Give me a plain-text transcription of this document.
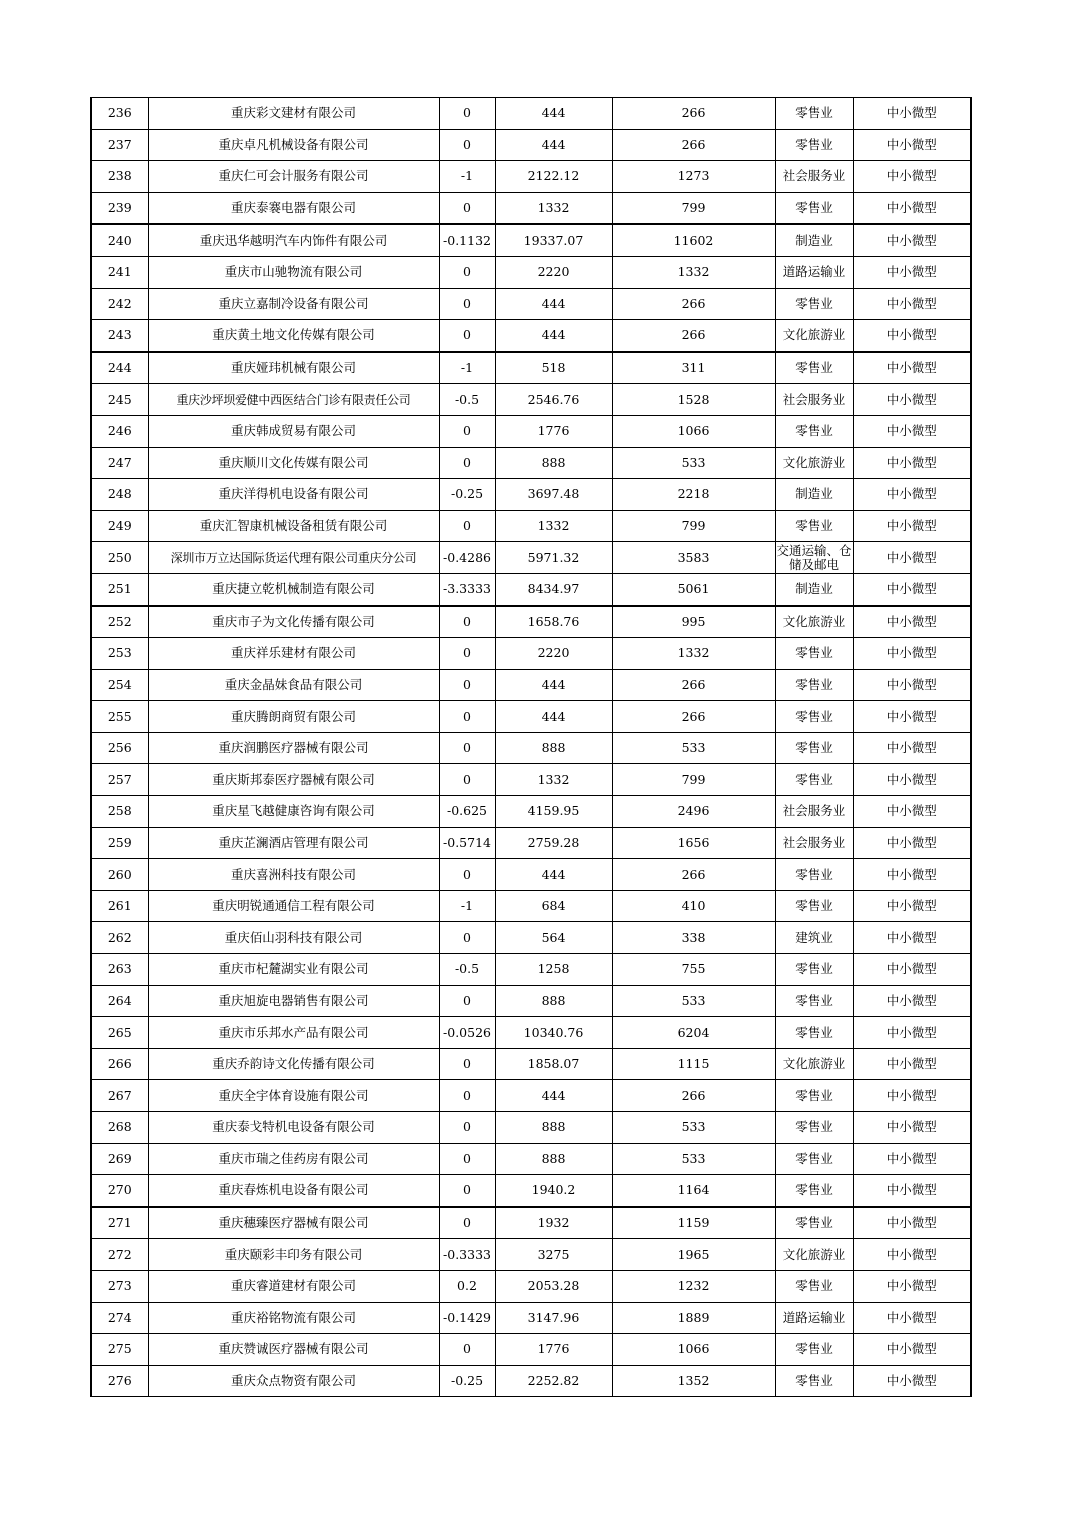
236	重庆彩文建材有限公司	0	444	266	零售业	中小微型
237	重庆卓凡机械设备有限公司	0	444	266	零售业	中小微型
238	重庆仁可会计服务有限公司	-1	2122.12	1273	社会服务业	中小微型
239	重庆泰褰电器有限公司	0	1332	799	零售业	中小微型
240	重庆迅华越明汽车内饰件有限公司	-0.1132	19337.07	11602	制造业	中小微型
241	重庆市山驰物流有限公司	0	2220	1332	道路运输业	中小微型
242	重庆立嘉制冷设备有限公司	0	444	266	零售业	中小微型
243	重庆黄土地文化传媒有限公司	0	444	266	文化旅游业	中小微型
244	重庆娅玮机械有限公司	-1	518	311	零售业	中小微型
245	重庆沙坪坝爱健中西医结合门诊有限责任公司	-0.5	2546.76	1528	社会服务业	中小微型
246	重庆韩成贸易有限公司	0	1776	1066	零售业	中小微型
247	重庆顺川文化传媒有限公司	0	888	533	文化旅游业	中小微型
248	重庆洋得机电设备有限公司	-0.25	3697.48	2218	制造业	中小微型
249	重庆汇智康机械设备租赁有限公司	0	1332	799	零售业	中小微型
250	深圳市万立达国际货运代理有限公司重庆分公司	-0.4286	5971.32	3583	交通运输、仓储及邮电	中小微型
251	重庆捷立乾机械制造有限公司	-3.3333	8434.97	5061	制造业	中小微型
252	重庆市子为文化传播有限公司	0	1658.76	995	文化旅游业	中小微型
253	重庆祥乐建材有限公司	0	2220	1332	零售业	中小微型
254	重庆金晶妹食品有限公司	0	444	266	零售业	中小微型
255	重庆腾朗商贸有限公司	0	444	266	零售业	中小微型
256	重庆润鹏医疗器械有限公司	0	888	533	零售业	中小微型
257	重庆斯邦泰医疗器械有限公司	0	1332	799	零售业	中小微型
258	重庆星飞越健康咨询有限公司	-0.625	4159.95	2496	社会服务业	中小微型
259	重庆芷澜酒店管理有限公司	-0.5714	2759.28	1656	社会服务业	中小微型
260	重庆喜洲科技有限公司	0	444	266	零售业	中小微型
261	重庆明锐通通信工程有限公司	-1	684	410	零售业	中小微型
262	重庆佰山羽科技有限公司	0	564	338	建筑业	中小微型
263	重庆市杞麓湖实业有限公司	-0.5	1258	755	零售业	中小微型
264	重庆旭旋电器销售有限公司	0	888	533	零售业	中小微型
265	重庆市乐邦水产品有限公司	-0.0526	10340.76	6204	零售业	中小微型
266	重庆乔韵诗文化传播有限公司	0	1858.07	1115	文化旅游业	中小微型
267	重庆全宇体育设施有限公司	0	444	266	零售业	中小微型
268	重庆泰戈特机电设备有限公司	0	888	533	零售业	中小微型
269	重庆市瑞之佳药房有限公司	0	888	533	零售业	中小微型
270	重庆春炼机电设备有限公司	0	1940.2	1164	零售业	中小微型
271	重庆穗臻医疗器械有限公司	0	1932	1159	零售业	中小微型
272	重庆颐彩丰印务有限公司	-0.3333	3275	1965	文化旅游业	中小微型
273	重庆睿道建材有限公司	0.2	2053.28	1232	零售业	中小微型
274	重庆裕铭物流有限公司	-0.1429	3147.96	1889	道路运输业	中小微型
275	重庆赞诚医疗器械有限公司	0	1776	1066	零售业	中小微型
276	重庆众点物资有限公司	-0.25	2252.82	1352	零售业	中小微型
